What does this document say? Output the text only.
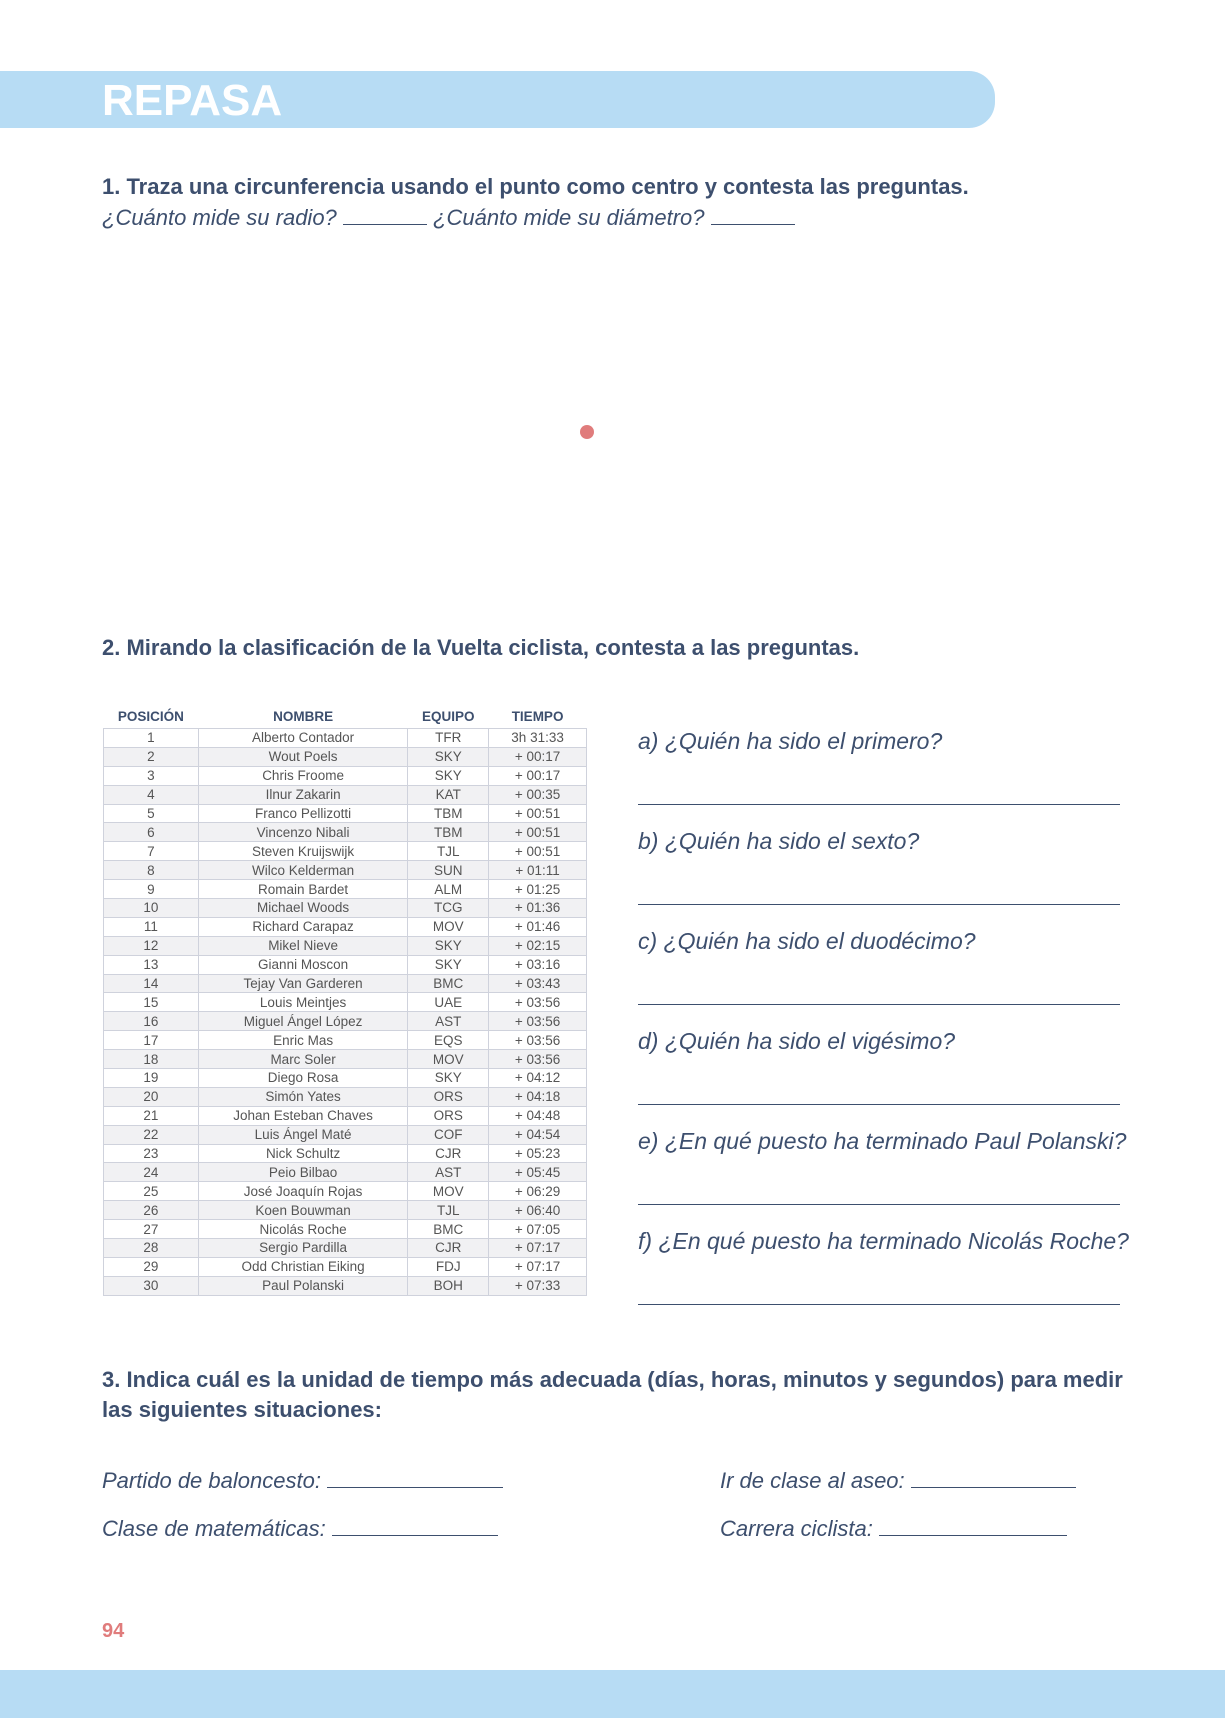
REPASA
1. Traza una circunferencia usando el punto como centro y contesta las preguntas.
¿Cuánto mide su radio?	¿Cuánto mide su diámetro?
2. Mirando la clasificación de la Vuelta ciclista, contesta a las preguntas.
POSICIÓN	NOMBRE	EQUIPO	TIEMPO
1	Alberto Contador	TFR	3h 31:33
2	Wout Poels	SKY	+ 00:17
3	Chris Froome	SKY	+ 00:17
4	Ilnur Zakarin	KAT	+ 00:35
5	Franco Pellizotti	TBM	+ 00:51
6	Vincenzo Nibali	TBM	+ 00:51
7	Steven Kruijswijk	TJL	+ 00:51
8	Wilco Kelderman	SUN	+ 01:11
9	Romain Bardet	ALM	+ 01:25
10	Michael Woods	TCG	+ 01:36
11	Richard Carapaz	MOV	+ 01:46
12	Mikel Nieve	SKY	+ 02:15
13	Gianni Moscon	SKY	+ 03:16
14	Tejay Van Garderen	BMC	+ 03:43
15	Louis Meintjes	UAE	+ 03:56
16	Miguel Ángel López	AST	+ 03:56
17	Enric Mas	EQS	+ 03:56
18	Marc Soler	MOV	+ 03:56
19	Diego Rosa	SKY	+ 04:12
20	Simón Yates	ORS	+ 04:18
21	Johan Esteban Chaves	ORS	+ 04:48
22	Luis Ángel Maté	COF	+ 04:54
23	Nick Schultz	CJR	+ 05:23
24	Peio Bilbao	AST	+ 05:45
25	José Joaquín Rojas	MOV	+ 06:29
26	Koen Bouwman	TJL	+ 06:40
27	Nicolás Roche	BMC	+ 07:05
28	Sergio Pardilla	CJR	+ 07:17
29	Odd Christian Eiking	FDJ	+ 07:17
30	Paul Polanski	BOH	+ 07:33
a) ¿Quién ha sido el primero?
b) ¿Quién ha sido el sexto?
c) ¿Quién ha sido el duodécimo?
d) ¿Quién ha sido el vigésimo?
e) ¿En qué puesto ha terminado Paul Polanski?
f) ¿En qué puesto ha terminado Nicolás Roche?
3. Indica cuál es la unidad de tiempo más adecuada (días, horas, minutos y segundos) para medir
las siguientes situaciones:
Partido de baloncesto:
Clase de matemáticas:
Ir de clase al aseo:
Carrera ciclista:
94
